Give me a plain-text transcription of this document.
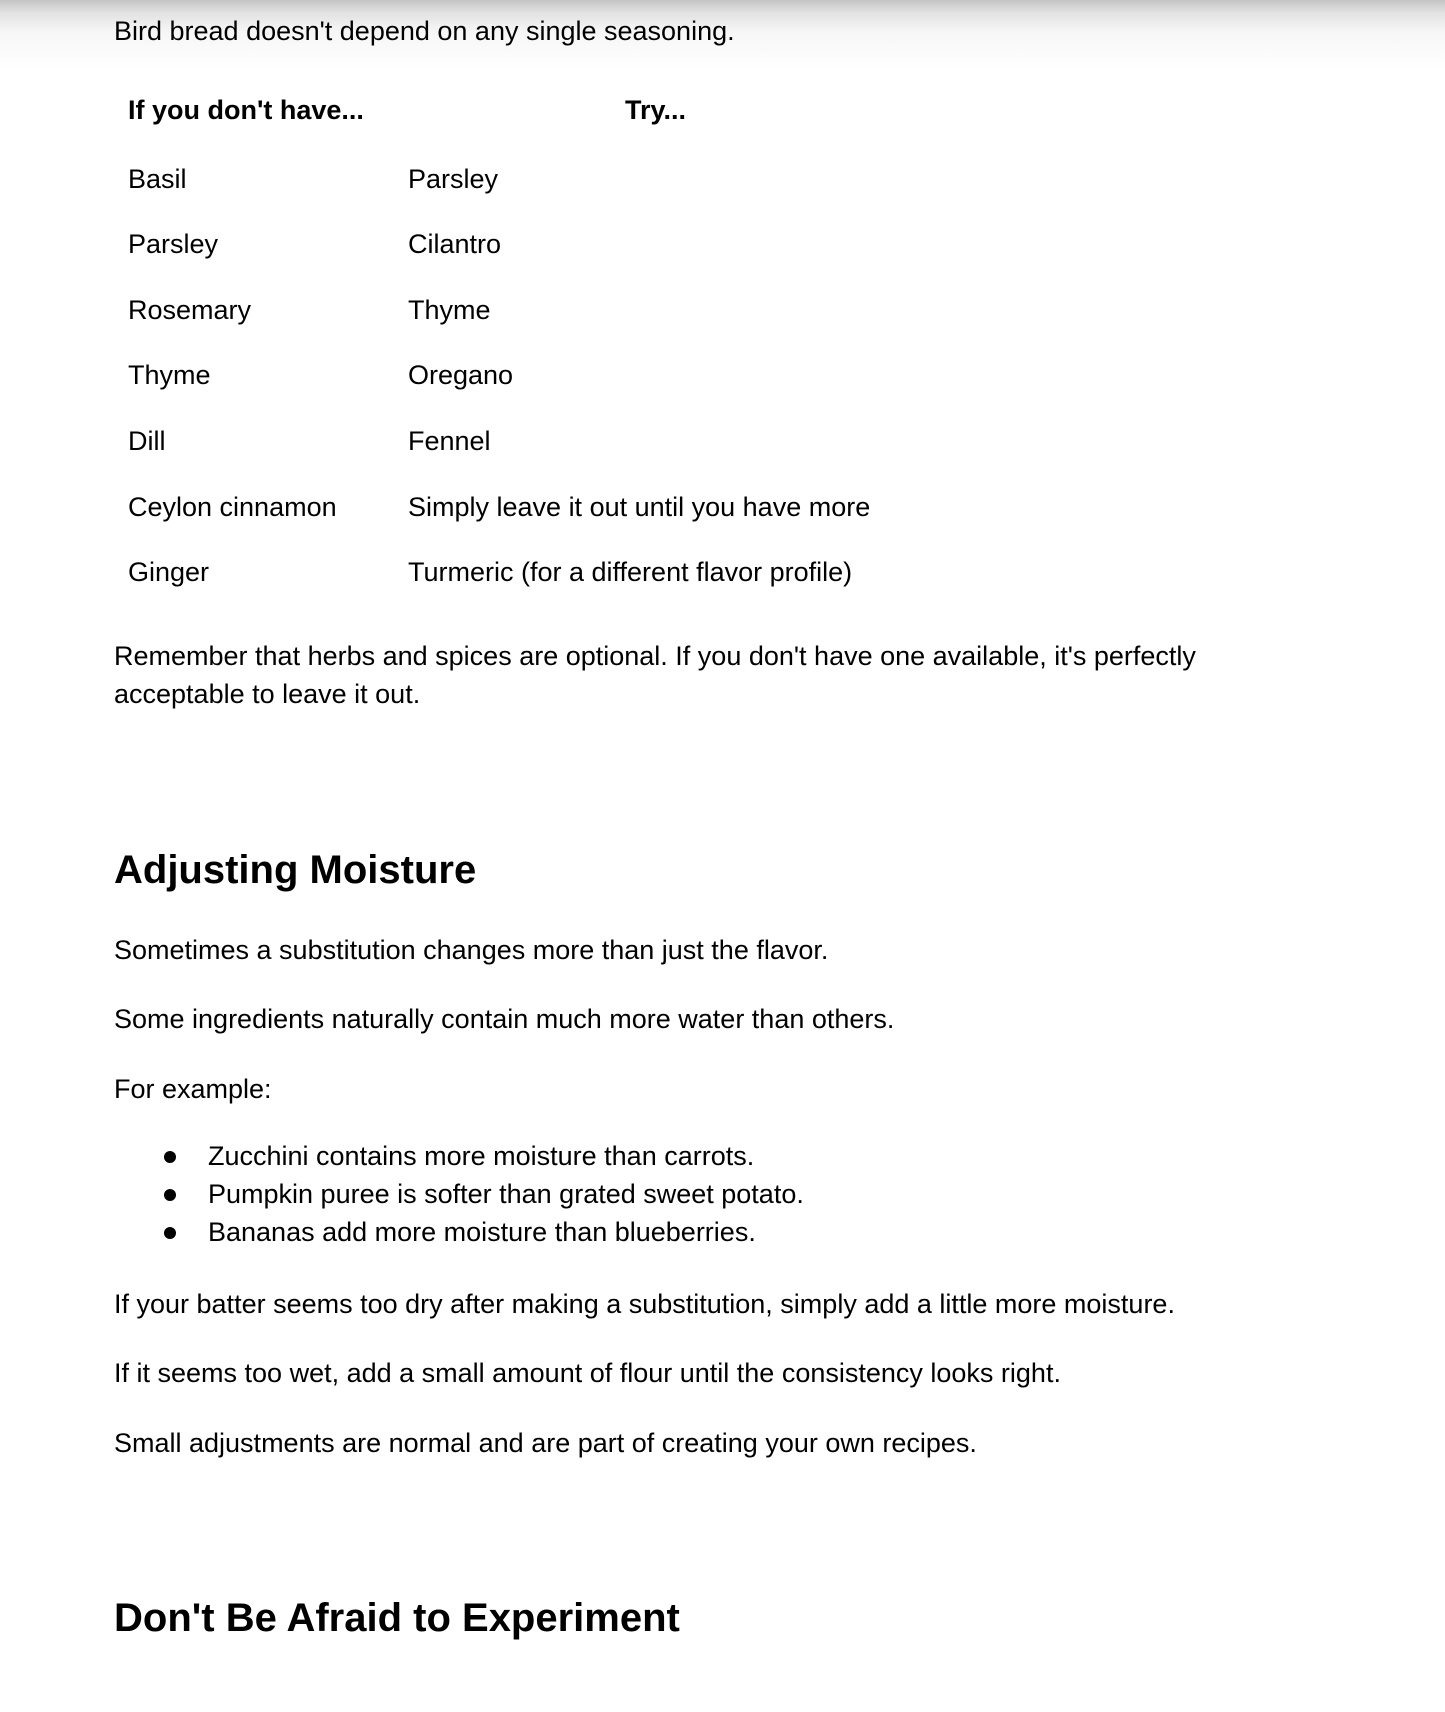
Bird bread doesn't depend on any single seasoning.
If you don't have...	Try...
Basil	Parsley
Parsley	Cilantro
Rosemary	Thyme
Thyme	Oregano
Dill	Fennel
Ceylon cinnamon	Simply leave it out until you have more
Ginger	Turmeric (for a different flavor profile)
Remember that herbs and spices are optional. If you don't have one available, it's perfectly
acceptable to leave it out.
Adjusting Moisture
Sometimes a substitution changes more than just the flavor.
Some ingredients naturally contain much more water than others.
For example:
Zucchini contains more moisture than carrots.
Pumpkin puree is softer than grated sweet potato.
Bananas add more moisture than blueberries.
If your batter seems too dry after making a substitution, simply add a little more moisture.
If it seems too wet, add a small amount of flour until the consistency looks right.
Small adjustments are normal and are part of creating your own recipes.
Don't Be Afraid to Experiment
